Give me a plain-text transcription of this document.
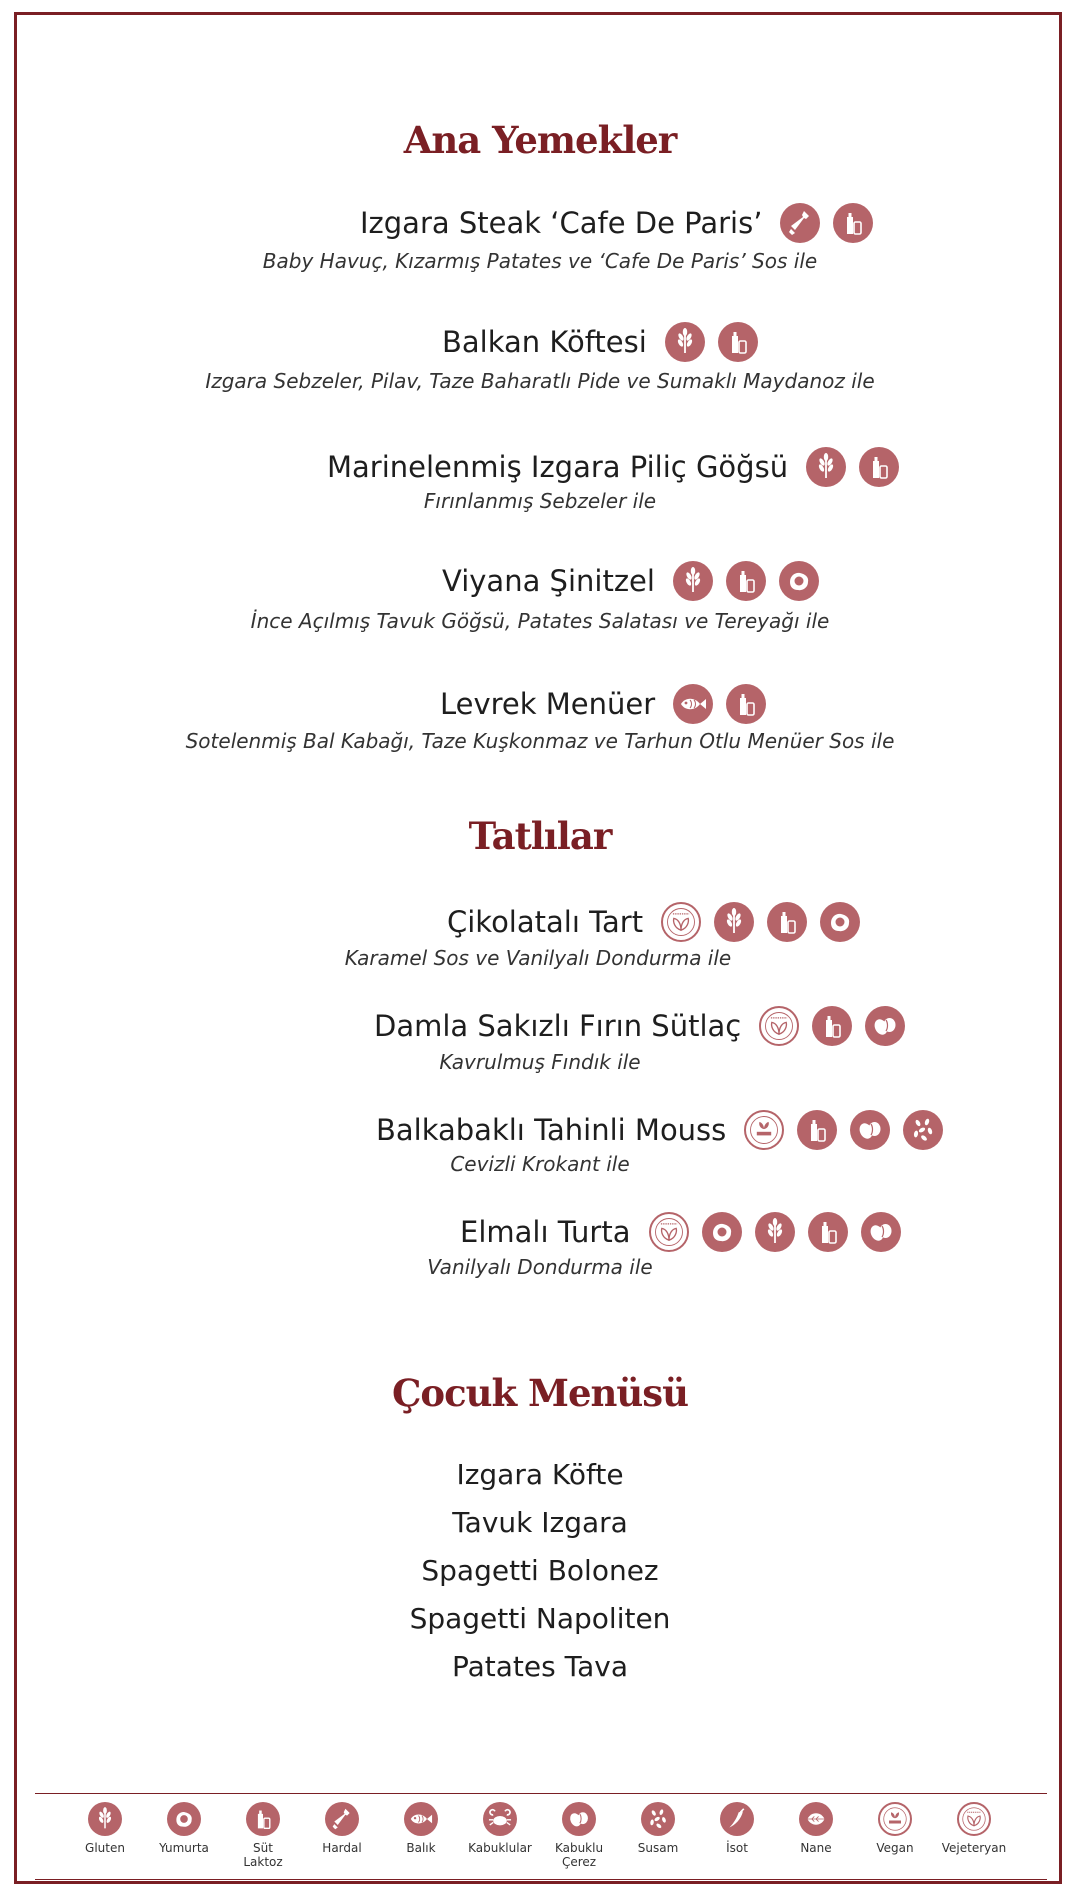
Ana Yemekler
Izgara Steak ‘Cafe De Paris’
Baby Havuç, Kızarmış Patates ve ‘Cafe De Paris’ Sos ile
Balkan Köftesi
Izgara Sebzeler, Pilav, Taze Baharatlı Pide ve Sumaklı Maydanoz ile
Marinelenmiş Izgara Piliç Göğsü
Fırınlanmış Sebzeler ile
Viyana Şinitzel
İnce Açılmış Tavuk Göğsü, Patates Salatası ve Tereyağı ile
Levrek Menüer
Sotelenmiş Bal Kabağı, Taze Kuşkonmaz ve Tarhun Otlu Menüer Sos ile
Tatlılar
Çikolatalı Tart
Karamel Sos ve Vanilyalı Dondurma ile
Damla Sakızlı Fırın Sütlaç
Kavrulmuş Fındık ile
Balkabaklı Tahinli Mouss
Cevizli Krokant ile
Elmalı Turta
Vanilyalı Dondurma ile
Çocuk Menüsü
Izgara Köfte
Tavuk Izgara
Spagetti Bolonez
Spagetti Napoliten
Patates Tava
Gluten	Yumurta	Süt
Laktoz
Hardal	Balık	Kabuklular	Kabuklu
Çerez
Susam	İsot	Nane	Vegan	Vejeteryan
